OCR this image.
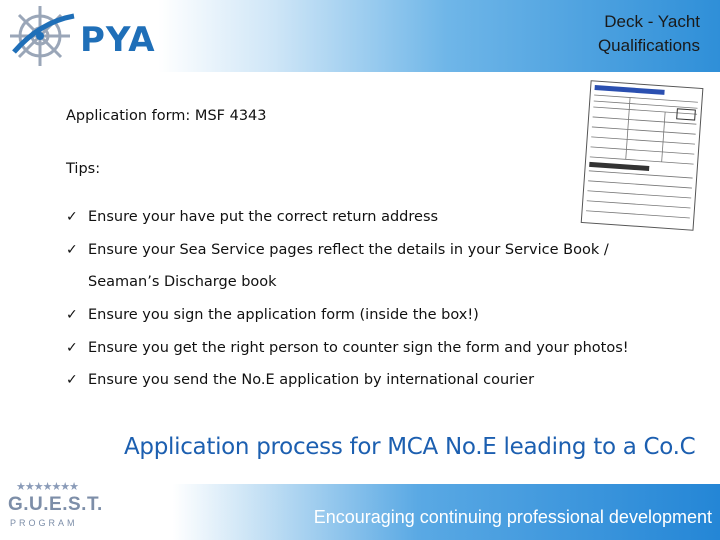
PYA	Deck - Yacht
Qualifications
Application form: MSF 4343
Tips:
✓ Ensure your have put the correct return address
✓ Ensure your Sea Service pages reflect the details in your Service Book /
Seaman’s Discharge book
✓ Ensure you sign the application form (inside the box!)
✓ Ensure you get the right person to counter sign the form and your photos!
✓ Ensure you send the No.E application by international courier
Application process for MCA No.E leading to a Co.C
Encouraging continuing professional development
★★★★★★★
G.U.E.S.T.
PROGRAM
